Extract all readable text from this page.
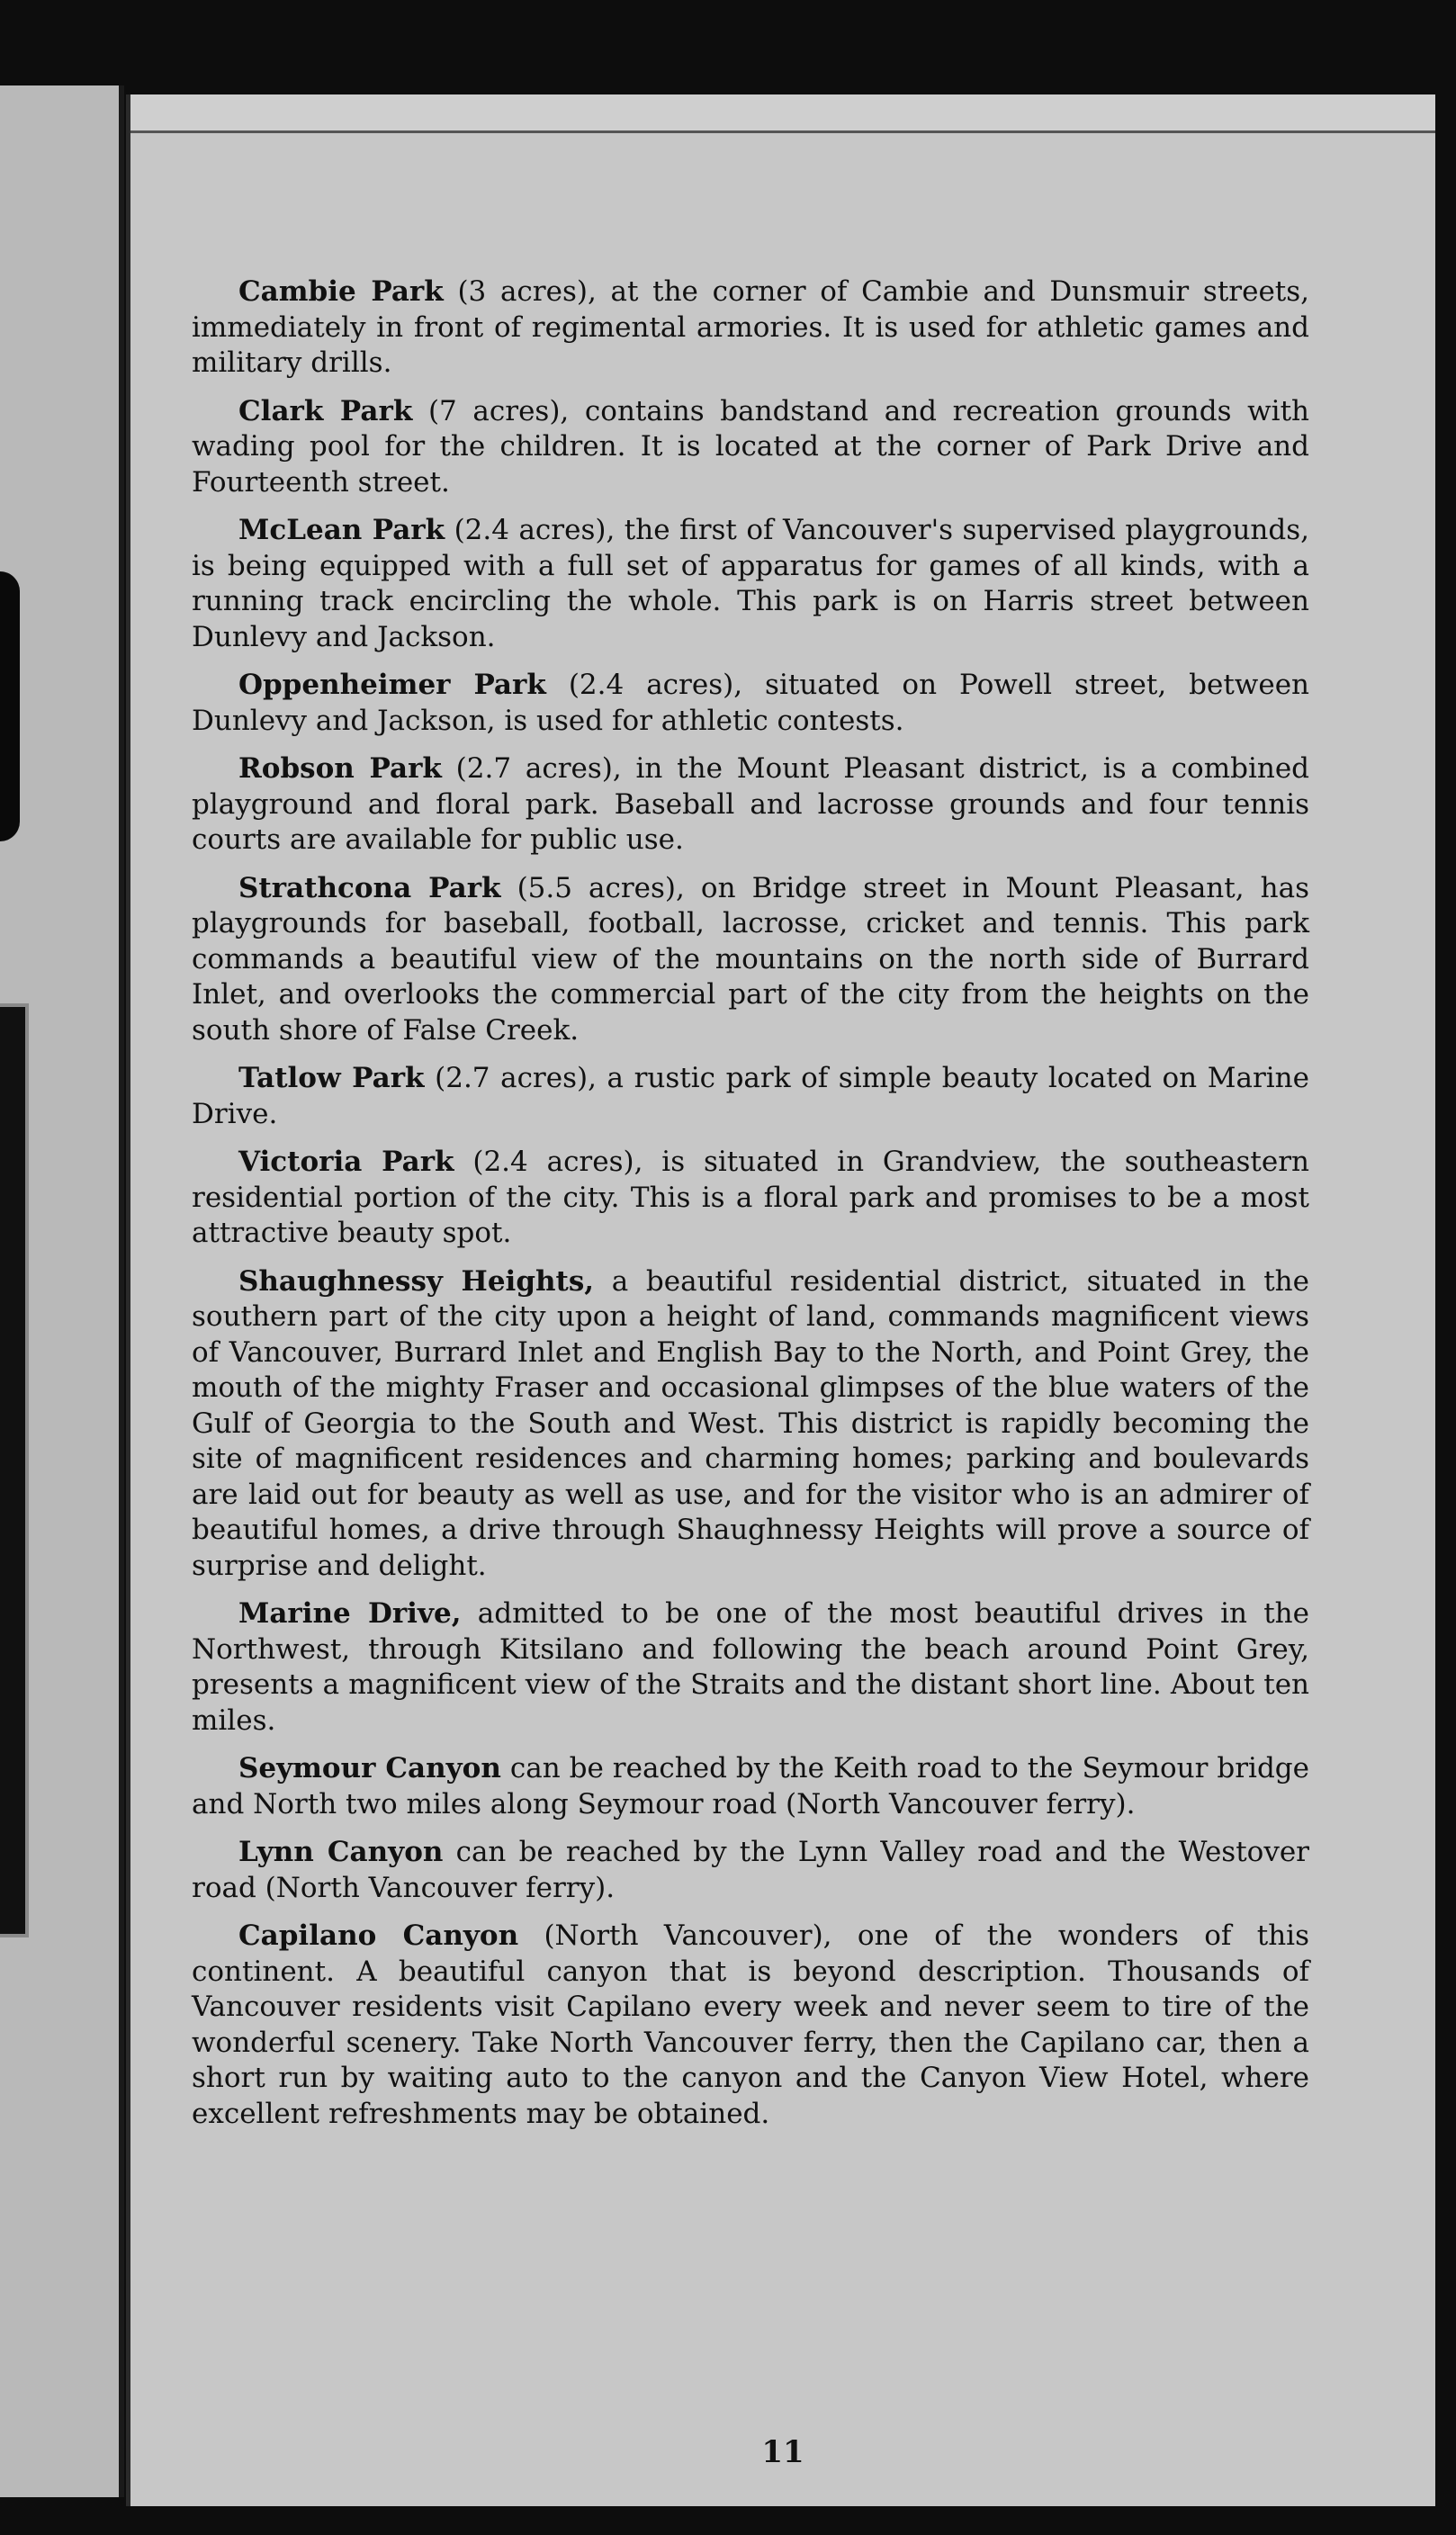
Cambie Park (3 acres), at the corner of Cambie and Dunsmuir streets, immediately in front of regimental armories. It is used for athletic games and military drills.

Clark Park (7 acres), contains bandstand and recreation grounds with wading pool for the children. It is located at the corner of Park Drive and Fourteenth street.

McLean Park (2.4 acres), the first of Vancouver's supervised playgrounds, is being equipped with a full set of apparatus for games of all kinds, with a running track encircling the whole. This park is on Harris street between Dunlevy and Jackson.

Oppenheimer Park (2.4 acres), situated on Powell street, between Dunlevy and Jackson, is used for athletic contests.

Robson Park (2.7 acres), in the Mount Pleasant district, is a combined playground and floral park. Baseball and lacrosse grounds and four tennis courts are available for public use.

Strathcona Park (5.5 acres), on Bridge street in Mount Pleasant, has playgrounds for baseball, football, lacrosse, cricket and tennis. This park commands a beautiful view of the mountains on the north side of Burrard Inlet, and overlooks the commercial part of the city from the heights on the south shore of False Creek.

Tatlow Park (2.7 acres), a rustic park of simple beauty located on Marine Drive.

Victoria Park (2.4 acres), is situated in Grandview, the southeastern residential portion of the city. This is a floral park and promises to be a most attractive beauty spot.

Shaughnessy Heights, a beautiful residential district, situated in the southern part of the city upon a height of land, commands magnificent views of Vancouver, Burrard Inlet and English Bay to the North, and Point Grey, the mouth of the mighty Fraser and occasional glimpses of the blue waters of the Gulf of Georgia to the South and West. This district is rapidly becoming the site of magnificent residences and charming homes; parking and boulevards are laid out for beauty as well as use, and for the visitor who is an admirer of beautiful homes, a drive through Shaughnessy Heights will prove a source of surprise and delight.

Marine Drive, admitted to be one of the most beautiful drives in the Northwest, through Kitsilano and following the beach around Point Grey, presents a magnificent view of the Straits and the distant short line. About ten miles.

Seymour Canyon can be reached by the Keith road to the Seymour bridge and North two miles along Seymour road (North Vancouver ferry).

Lynn Canyon can be reached by the Lynn Valley road and the Westover road (North Vancouver ferry).

Capilano Canyon (North Vancouver), one of the wonders of this continent. A beautiful canyon that is beyond description. Thousands of Vancouver residents visit Capilano every week and never seem to tire of the wonderful scenery. Take North Vancouver ferry, then the Capilano car, then a short run by waiting auto to the canyon and the Canyon View Hotel, where excellent refreshments may be obtained.

11
